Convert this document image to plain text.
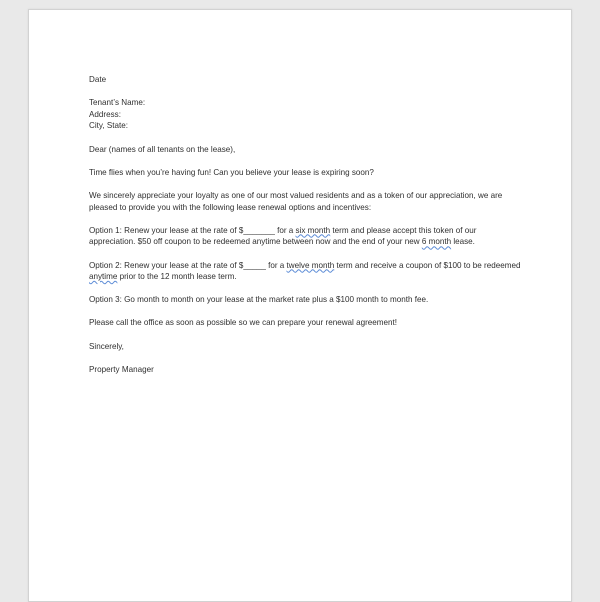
Date

Tenant’s Name:

Address:

City, State:

Dear (names of all tenants on the lease),

Time flies when you’re having fun! Can you believe your lease is expiring soon?

We sincerely appreciate your loyalty as one of our most valued residents and as a token of our appreciation, we are pleased to provide you with the following lease renewal options and incentives:

Option 1: Renew your lease at the rate of $_______ for a six month term and please accept this token of our appreciation. $50 off coupon to be redeemed anytime between now and the end of your new 6 month lease.

Option 2: Renew your lease at the rate of $_____ for a twelve month term and receive a coupon of $100 to be redeemed anytime prior to the 12 month lease term.

Option 3: Go month to month on your lease at the market rate plus a $100 month to month fee.

Please call the office as soon as possible so we can prepare your renewal agreement!

Sincerely,

Property Manager
